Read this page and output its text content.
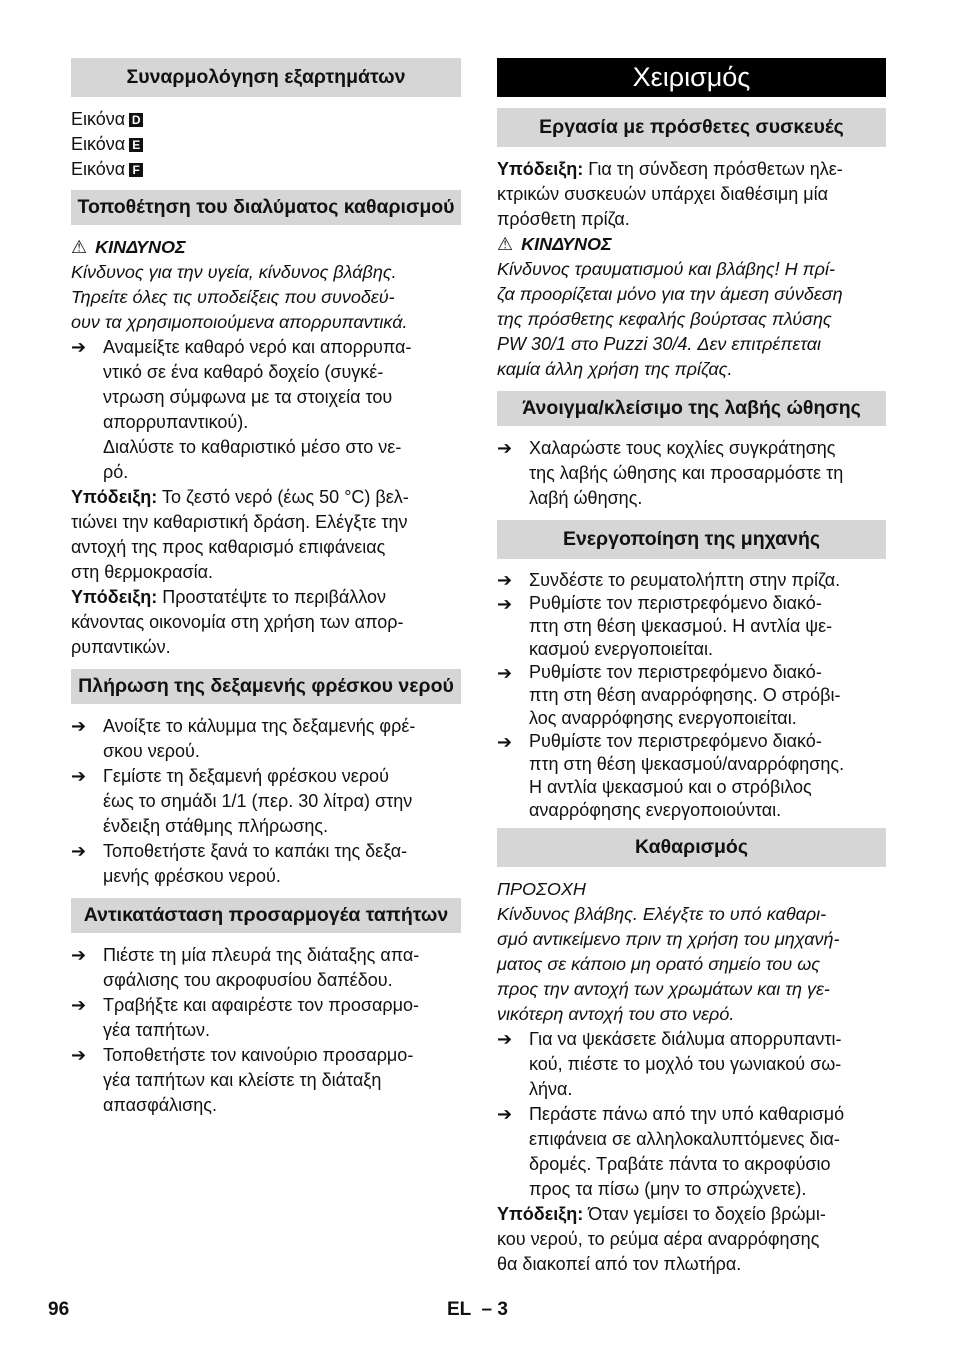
Συναρμολόγηση εξαρτημάτων
Εικόνα D
Εικόνα E
Εικόνα F
Τοποθέτηση του διαλύματος καθαρισμού

⚠ ΚΙΝΔΥΝΟΣ

Κίνδυνος για την υγεία, κίνδυνος βλάβης.

Τηρείτε όλες τις υποδείξεις που συνοδεύ-

ουν τα χρησιμοποιούμενα απορρυπαντικά.

➔ Αναμείξτε καθαρό νερό και απορρυπα-

ντικό σε ένα καθαρό δοχείο (συγκέ-

ντρωση σύμφωνα με τα στοιχεία του

απορρυπαντικού).

Διαλύστε το καθαριστικό μέσο στο νε-

ρό.

Υπόδειξη: Το ζεστό νερό (έως 50 °C) βελ-

τιώνει την καθαριστική δράση. Ελέγξτε την

αντοχή της προς καθαρισμό επιφάνειας

στη θερμοκρασία.

Υπόδειξη: Προστατέψτε το περιβάλλον

κάνοντας οικονομία στη χρήση των απορ-

ρυπαντικών.

Πλήρωση της δεξαμενής φρέσκου νερού
➔ Ανοίξτε το κάλυμμα της δεξαμενής φρέ-

σκου νερού.

➔ Γεμίστε τη δεξαμενή φρέσκου νερού

έως το σημάδι 1/1 (περ. 30 λίτρα) στην

ένδειξη στάθμης πλήρωσης.

➔ Τοποθετήστε ξανά το καπάκι της δεξα-

μενής φρέσκου νερού.

Αντικατάσταση προσαρμογέα ταπήτων
➔ Πιέστε τη μία πλευρά της διάταξης απα-

σφάλισης του ακροφυσίου δαπέδου.

➔ Τραβήξτε και αφαιρέστε τον προσαρμο-

γέα ταπήτων.

➔ Τοποθετήστε τον καινούριο προσαρμο-

γέα ταπήτων και κλείστε τη διάταξη

απασφάλισης.

Χειρισμός
Εργασία με πρόσθετες συσκευές

Υπόδειξη: Για τη σύνδεση πρόσθετων ηλε-

κτρικών συσκευών υπάρχει διαθέσιμη μία

πρόσθετη πρίζα.

⚠ ΚΙΝΔΥΝΟΣ

Κίνδυνος τραυματισμού και βλάβης! Η πρί-

ζα προορίζεται μόνο για την άμεση σύνδεση

της πρόσθετης κεφαλής βούρτσας πλύσης

PW 30/1 στο Puzzi 30/4. Δεν επιτρέπεται

καμία άλλη χρήση της πρίζας.

Άνοιγμα/κλείσιμο της λαβής ώθησης
➔ Χαλαρώστε τους κοχλίες συγκράτησης

της λαβής ώθησης και προσαρμόστε τη

λαβή ώθησης.

Ενεργοποίηση της μηχανής
➔ Συνδέστε το ρευματολήπτη στην πρίζα.

➔ Ρυθμίστε τον περιστρεφόμενο διακό-

πτη στη θέση ψεκασμού. Η αντλία ψε-

κασμού ενεργοποιείται.

➔ Ρυθμίστε τον περιστρεφόμενο διακό-

πτη στη θέση αναρρόφησης. Ο στρόβι-

λος αναρρόφησης ενεργοποιείται.

➔ Ρυθμίστε τον περιστρεφόμενο διακό-

πτη στη θέση ψεκασμού/αναρρόφησης.

Η αντλία ψεκασμού και ο στρόβιλος

αναρρόφησης ενεργοποιούνται.

Καθαρισμός

ΠΡΟΣΟΧΗ

Κίνδυνος βλάβης. Ελέγξτε το υπό καθαρι-

σμό αντικείμενο πριν τη χρήση του μηχανή-

ματος σε κάποιο μη ορατό σημείο του ως

προς την αντοχή των χρωμάτων και τη γε-

νικότερη αντοχή του στο νερό.

➔ Για να ψεκάσετε διάλυμα απορρυπαντι-

κού, πιέστε το μοχλό του γωνιακού σω-

λήνα.

➔ Περάστε πάνω από την υπό καθαρισμό

επιφάνεια σε αλληλοκαλυπτόμενες δια-

δρομές. Τραβάτε πάντα το ακροφύσιο

προς τα πίσω (μην το σπρώχνετε).

Υπόδειξη: Όταν γεμίσει το δοχείο βρώμι-

κου νερού, το ρεύμα αέρα αναρρόφησης

θα διακοπεί από τον πλωτήρα.

96	EL  – 3
